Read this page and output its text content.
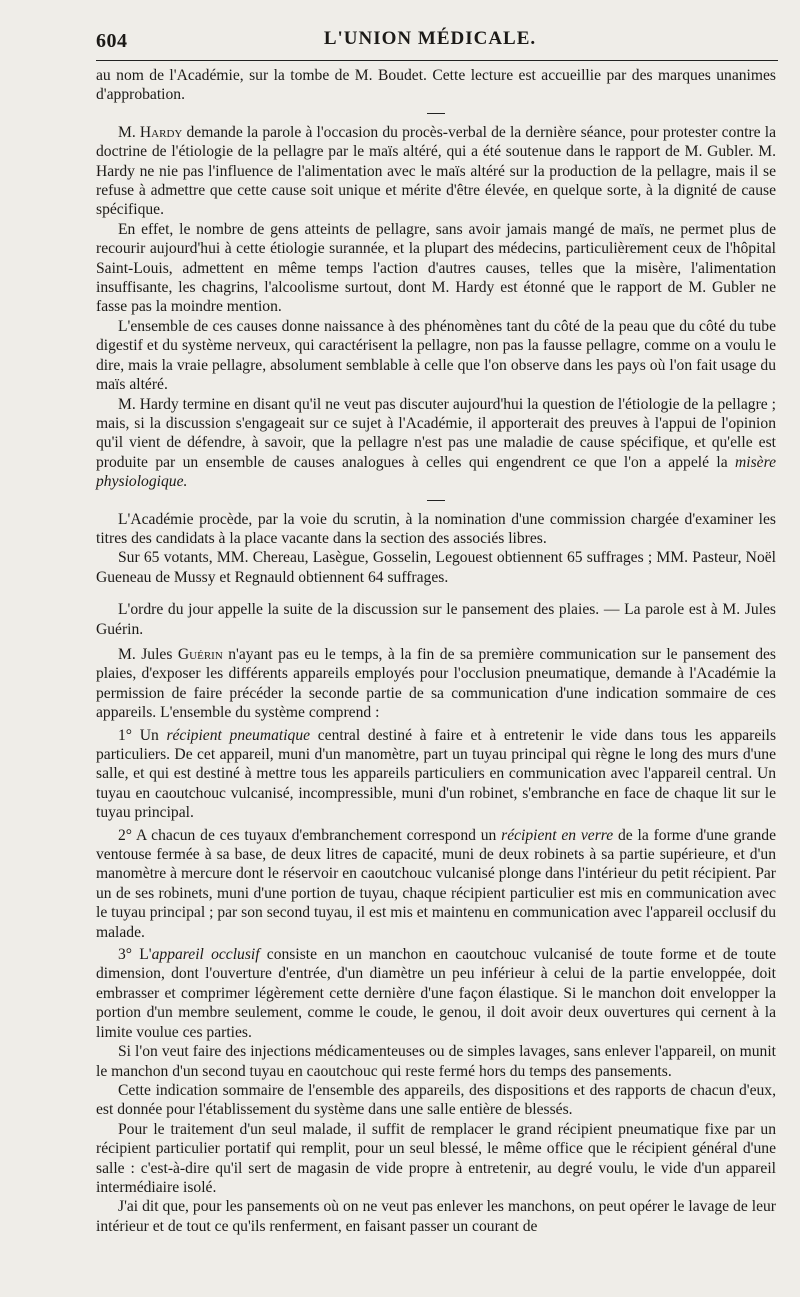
604	L'UNION MÉDICALE.

au nom de l'Académie, sur la tombe de M. Boudet. Cette lecture est accueillie par des marques unanimes d'approbation.

M. Hardy demande la parole à l'occasion du procès-verbal de la dernière séance, pour protester contre la doctrine de l'étiologie de la pellagre par le maïs altéré, qui a été soutenue dans le rapport de M. Gubler. M. Hardy ne nie pas l'influence de l'alimentation avec le maïs altéré sur la production de la pellagre, mais il se refuse à admettre que cette cause soit unique et mérite d'être élevée, en quelque sorte, à la dignité de cause spécifique.

En effet, le nombre de gens atteints de pellagre, sans avoir jamais mangé de maïs, ne permet plus de recourir aujourd'hui à cette étiologie surannée, et la plupart des médecins, particulièrement ceux de l'hôpital Saint-Louis, admettent en même temps l'action d'autres causes, telles que la misère, l'alimentation insuffisante, les chagrins, l'alcoolisme surtout, dont M. Hardy est étonné que le rapport de M. Gubler ne fasse pas la moindre mention.

L'ensemble de ces causes donne naissance à des phénomènes tant du côté de la peau que du côté du tube digestif et du système nerveux, qui caractérisent la pellagre, non pas la fausse pellagre, comme on a voulu le dire, mais la vraie pellagre, absolument semblable à celle que l'on observe dans les pays où l'on fait usage du maïs altéré.

M. Hardy termine en disant qu'il ne veut pas discuter aujourd'hui la question de l'étiologie de la pellagre ; mais, si la discussion s'engageait sur ce sujet à l'Académie, il apporterait des preuves à l'appui de l'opinion qu'il vient de défendre, à savoir, que la pellagre n'est pas une maladie de cause spécifique, et qu'elle est produite par un ensemble de causes analogues à celles qui engendrent ce que l'on a appelé la misère physiologique.

L'Académie procède, par la voie du scrutin, à la nomination d'une commission chargée d'examiner les titres des candidats à la place vacante dans la section des associés libres.

Sur 65 votants, MM. Chereau, Lasègue, Gosselin, Legouest obtiennent 65 suffrages ; MM. Pasteur, Noël Gueneau de Mussy et Regnauld obtiennent 64 suffrages.

L'ordre du jour appelle la suite de la discussion sur le pansement des plaies. — La parole est à M. Jules Guérin.

M. Jules Guérin n'ayant pas eu le temps, à la fin de sa première communication sur le pansement des plaies, d'exposer les différents appareils employés pour l'occlusion pneumatique, demande à l'Académie la permission de faire précéder la seconde partie de sa communication d'une indication sommaire de ces appareils. L'ensemble du système comprend :

1° Un récipient pneumatique central destiné à faire et à entretenir le vide dans tous les appareils particuliers. De cet appareil, muni d'un manomètre, part un tuyau principal qui règne le long des murs d'une salle, et qui est destiné à mettre tous les appareils particuliers en communication avec l'appareil central. Un tuyau en caoutchouc vulcanisé, incompressible, muni d'un robinet, s'embranche en face de chaque lit sur le tuyau principal.

2° A chacun de ces tuyaux d'embranchement correspond un récipient en verre de la forme d'une grande ventouse fermée à sa base, de deux litres de capacité, muni de deux robinets à sa partie supérieure, et d'un manomètre à mercure dont le réservoir en caoutchouc vulcanisé plonge dans l'intérieur du petit récipient. Par un de ses robinets, muni d'une portion de tuyau, chaque récipient particulier est mis en communication avec le tuyau principal ; par son second tuyau, il est mis et maintenu en communication avec l'appareil occlusif du malade.

3° L'appareil occlusif consiste en un manchon en caoutchouc vulcanisé de toute forme et de toute dimension, dont l'ouverture d'entrée, d'un diamètre un peu inférieur à celui de la partie enveloppée, doit embrasser et comprimer légèrement cette dernière d'une façon élastique. Si le manchon doit envelopper la portion d'un membre seulement, comme le coude, le genou, il doit avoir deux ouvertures qui cernent à la limite voulue ces parties.

Si l'on veut faire des injections médicamenteuses ou de simples lavages, sans enlever l'appareil, on munit le manchon d'un second tuyau en caoutchouc qui reste fermé hors du temps des pansements.

Cette indication sommaire de l'ensemble des appareils, des dispositions et des rapports de chacun d'eux, est donnée pour l'établissement du système dans une salle entière de blessés.

Pour le traitement d'un seul malade, il suffit de remplacer le grand récipient pneumatique fixe par un récipient particulier portatif qui remplit, pour un seul blessé, le même office que le récipient général d'une salle : c'est-à-dire qu'il sert de magasin de vide propre à entretenir, au degré voulu, le vide d'un appareil intermédiaire isolé.

J'ai dit que, pour les pansements où on ne veut pas enlever les manchons, on peut opérer le lavage de leur intérieur et de tout ce qu'ils renferment, en faisant passer un courant de
